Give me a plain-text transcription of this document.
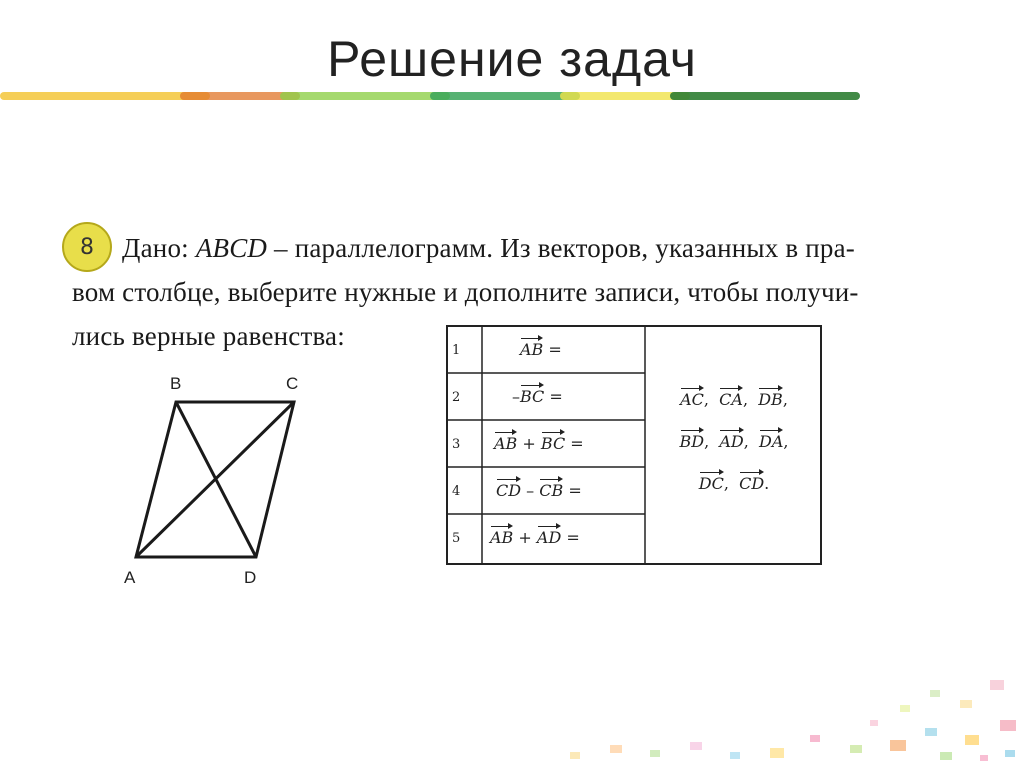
Решение задач
8	Дано: ABCD – параллелограмм. Из векторов, указанных в пра-
вом столбце, выберите нужные и дополните записи, чтобы получи-
лись верные равенства:
B	C
A	D
1	AB =
2	–BC =
3 AB + BC =
4 CD – CB =
5 AB + AD =
AC,  CA,  DB,
BD,  AD,  DA,
DC,  CD.
